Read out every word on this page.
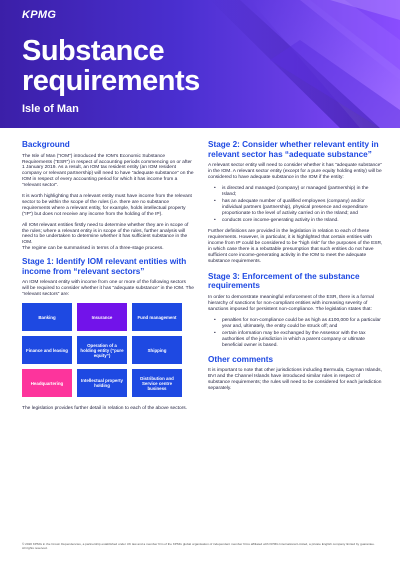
KPMG
Substance
requirements
Isle of Man
Background

The Isle of Man (“IOM”) introduced the IOM’s Economic Substance Requirements (“ESR”) in respect of accounting periods commencing on or after 1 January 2019. As a result, an IOM tax resident entity (an IOM resident company or relevant partnership) will need to have “adequate substance” on the IOM in respect of every accounting period for which it has income from a “relevant sector”.

It is worth highlighting that a relevant entity must have income from the relevant sector to be within the scope of the rules (i.e. there are no substance requirements where a relevant entity, for example, holds intellectual property (“IP”) but does not receive any income from the holding of the IP).

All IOM relevant entities firstly need to determine whether they are in scope of the rules; where a relevant entity is in scope of the rules, further analysis will need to be undertaken to determine whether it has sufficient substance in the IOM.

The regime can be summarised in terms of a three-stage process.

Stage 1: Identify IOM relevant entities with income from “relevant sectors”

An IOM relevant entity with income from one or more of the following sectors will be required to consider whether it has “adequate substance” in the IOM. The “relevant sectors” are:

Banking	Insurance	Fund management
Finance and leasing
Operation of a holding entity (“pure equity”)
Shipping
Headquartering	Intellectual property holding
Distribution and Service centre business

The legislation provides further detail in relation to each of the above sectors.

Stage 2: Consider whether relevant entity in relevant sector has “adequate substance”

A relevant sector entity will need to consider whether it has “adequate substance” in the IOM. A relevant sector entity (except for a pure equity holding entity) will be considered to have adequate substance in the IOM if the entity:

• is directed and managed (company) or managed (partnership) in the Island;
• has an adequate number of qualified employees (company) and/or individual partners (partnership), physical presence and expenditure proportionate to the level of activity carried on in the Island; and
• conducts core income-generating activity in the Island.

Further definitions are provided in the legislation in relation to each of these requirements. However, in particular, it is highlighted that certain entities with income from IP could be considered to be “high risk” for the purposes of the ESR, in which case there is a rebuttable presumption that such entities do not have sufficient core income-generating activity in the IOM to meet the adequate substance requirements.

Stage 3: Enforcement of the substance requirements

In order to demonstrate meaningful enforcement of the ESR, there is a formal hierarchy of sanctions for non-compliant entities with increasing severity of sanctions imposed for persistent non-compliance. The legislation states that:

• penalties for non-compliance could be as high as £100,000 for a particular year and, ultimately, the entity could be struck off; and
• certain information may be exchanged by the Assessor with the tax authorities of the jurisdiction in which a parent company or ultimate beneficial owner is based.
Other comments

It is important to note that other jurisdictions including Bermuda, Cayman Islands, BVI and the Channel Islands have introduced similar rules in respect of substance requirements; the rules will need to be considered for each jurisdiction separately.

© 2020 KPMG in the Crown Dependencies, a partnership established under UK law and a member firm of the KPMG global organisation of independent member firms affiliated with KPMG International Limited, a private English company limited by guarantee. All rights reserved.
